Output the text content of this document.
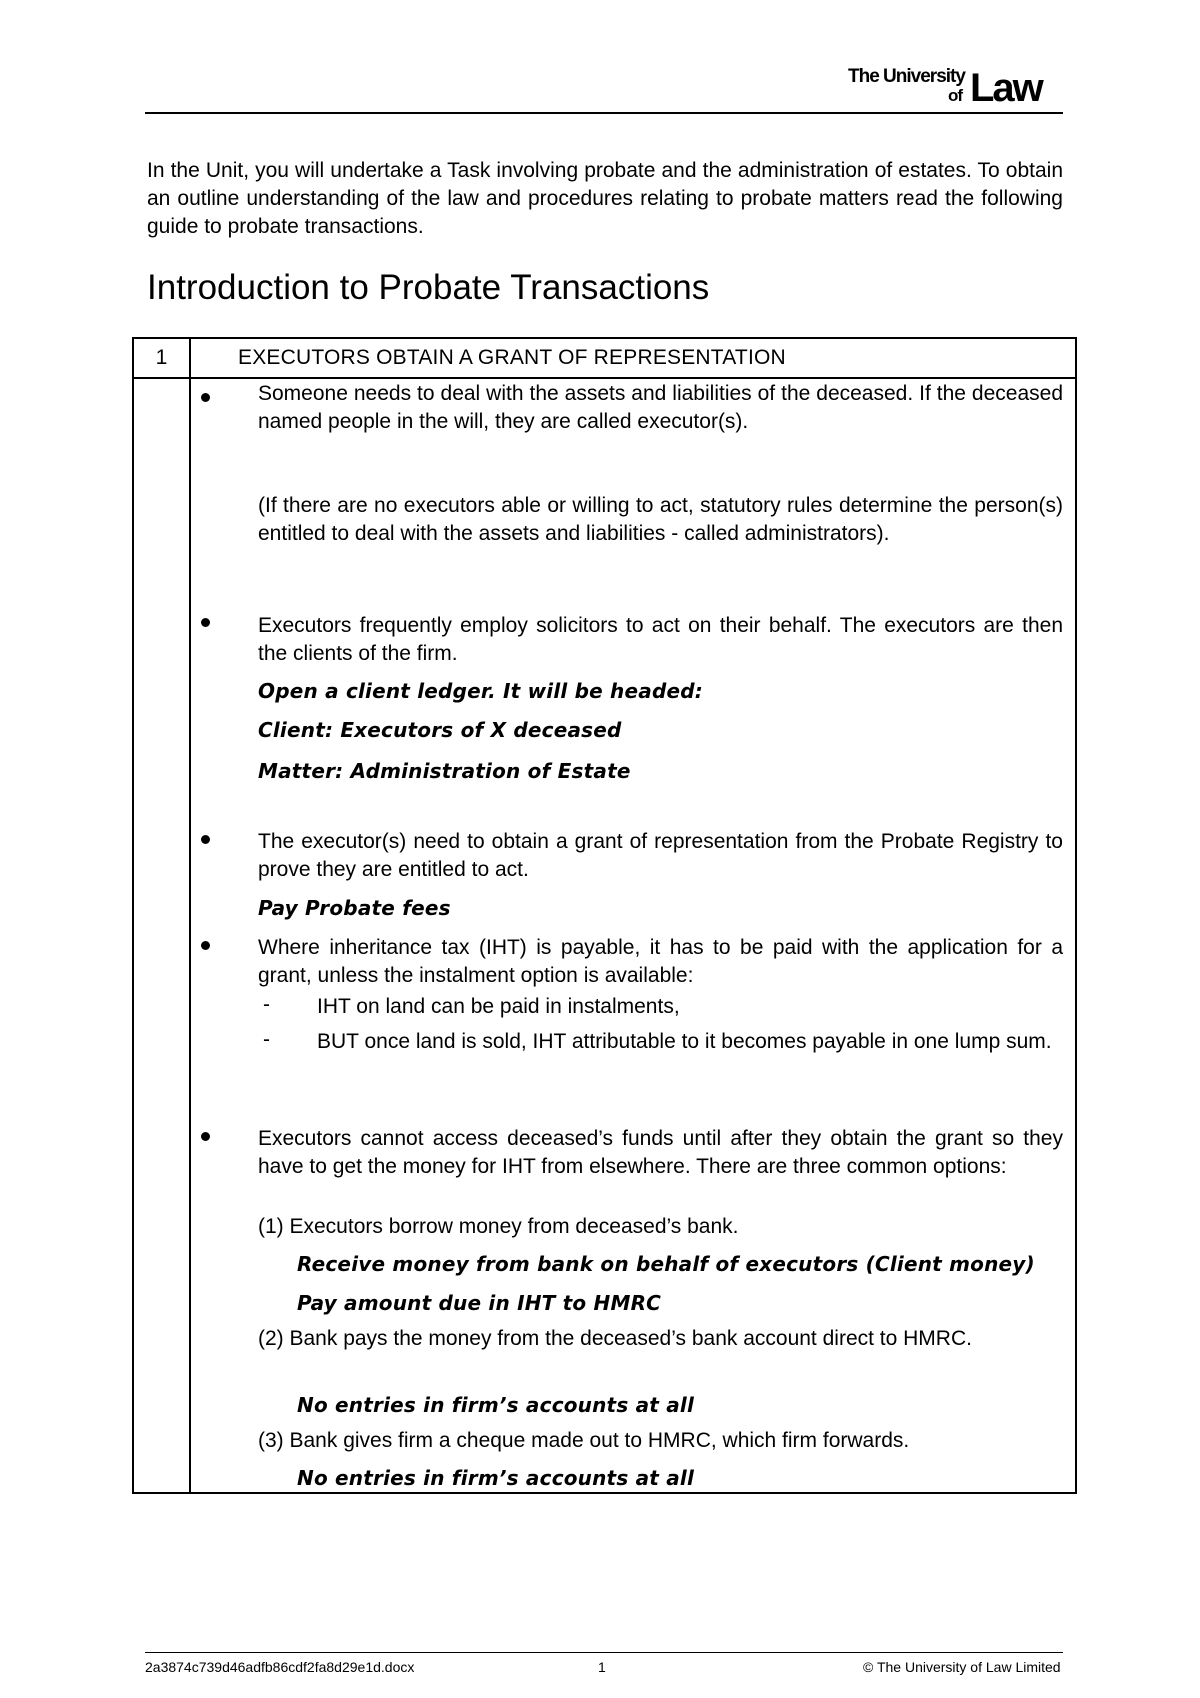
The University
of Law

In the Unit, you will undertake a Task involving probate and the administration of estates. To obtain an outline understanding of the law and procedures relating to probate matters read the following guide to probate transactions.

Introduction to Probate Transactions
1	EXECUTORS OBTAIN A GRANT OF REPRESENTATION

Someone needs to deal with the assets and liabilities of the deceased. If the deceased named people in the will, they are called executor(s).

(If there are no executors able or willing to act, statutory rules determine the person(s) entitled to deal with the assets and liabilities - called administrators).

Executors frequently employ solicitors to act on their behalf. The executors are then the clients of the firm.

Open a client ledger. It will be headed:

Client: Executors of X deceased

Matter: Administration of Estate

The executor(s) need to obtain a grant of representation from the Probate Registry to prove they are entitled to act.

Pay Probate fees

Where inheritance tax (IHT) is payable, it has to be paid with the application for a grant, unless the instalment option is available:

- IHT on land can be paid in instalments,

- BUT once land is sold, IHT attributable to it becomes payable in one lump sum.

Executors cannot access deceased’s funds until after they obtain the grant so they have to get the money for IHT from elsewhere. There are three common options:

(1) Executors borrow money from deceased’s bank.

Receive money from bank on behalf of executors (Client money)

Pay amount due in IHT to HMRC

(2) Bank pays the money from the deceased’s bank account direct to HMRC.

No entries in firm’s accounts at all

(3) Bank gives firm a cheque made out to HMRC, which firm forwards.

No entries in firm’s accounts at all

2a3874c739d46adfb86cdf2fa8d29e1d.docx	1	© The University of Law Limited
